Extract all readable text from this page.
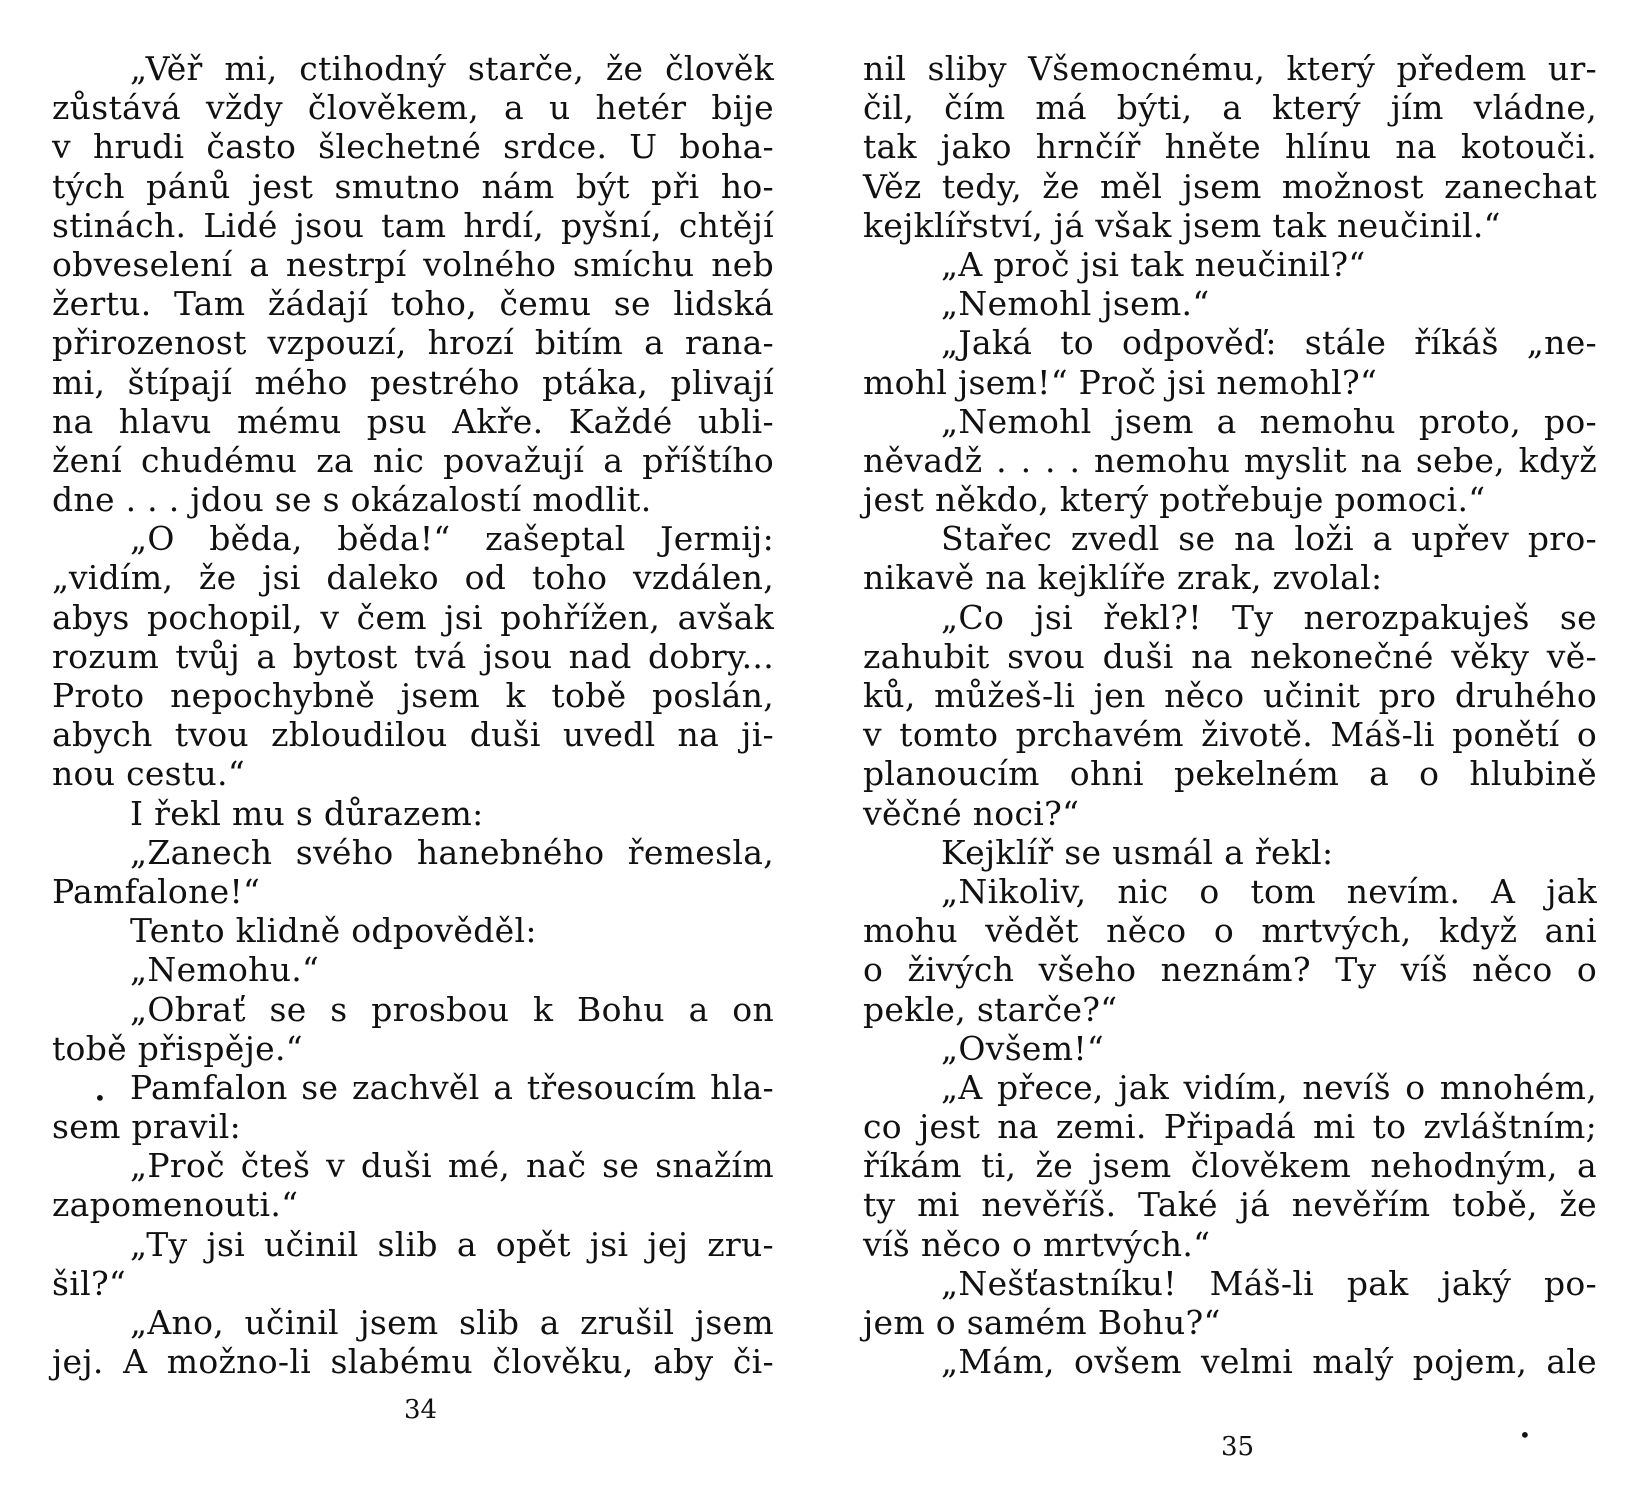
„Věř mi, ctihodný starče, že člověk
zůstává vždy člověkem, a u hetér bije
v hrudi často šlechetné srdce. U boha-
tých pánů jest smutno nám být při ho-
stinách. Lidé jsou tam hrdí, pyšní, chtějí
obveselení a nestrpí volného smíchu neb
žertu. Tam žádají toho, čemu se lidská
přirozenost vzpouzí, hrozí bitím a rana-
mi, štípají mého pestrého ptáka, plivají
na hlavu mému psu Akře. Každé ubli-
žení chudému za nic považují a příštího
dne . . . jdou se s okázalostí modlit.
„O běda, běda!“ zašeptal Jermij:
„vidím, že jsi daleko od toho vzdálen,
abys pochopil, v čem jsi pohřížen, avšak
rozum tvůj a bytost tvá jsou nad dobry...
Proto nepochybně jsem k tobě poslán,
abych tvou zbloudilou duši uvedl na ji-
nou cestu.“
I řekl mu s důrazem:
„Zanech svého hanebného řemesla,
Pamfalone!“
Tento klidně odpověděl:
„Nemohu.“
„Obrať se s prosbou k Bohu a on
tobě přispěje.“
Pamfalon se zachvěl a třesoucím hla-
sem pravil:
„Proč čteš v duši mé, nač se snažím
zapomenouti.“
„Ty jsi učinil slib a opět jsi jej zru-
šil?“
„Ano, učinil jsem slib a zrušil jsem
jej. A možno-li slabému člověku, aby či-
34
•
nil sliby Všemocnému, který předem ur-
čil, čím má býti, a který jím vládne,
tak jako hrnčíř hněte hlínu na kotouči.
Věz tedy, že měl jsem možnost zanechat
kejklířství, já však jsem tak neučinil.“
„A proč jsi tak neučinil?“
„Nemohl jsem.“
„Jaká to odpověď: stále říkáš „ne-
mohl jsem!“ Proč jsi nemohl?“
„Nemohl jsem a nemohu proto, po-
něvadž . . . . nemohu myslit na sebe, když
jest někdo, který potřebuje pomoci.“
Stařec zvedl se na loži a upřev pro-
nikavě na kejklíře zrak, zvolal:
„Co jsi řekl?! Ty nerozpakuješ se
zahubit svou duši na nekonečné věky vě-
ků, můžeš-li jen něco učinit pro druhého
v tomto prchavém životě. Máš-li ponětí o
planoucím ohni pekelném a o hlubině
věčné noci?“
Kejklíř se usmál a řekl:
„Nikoliv, nic o tom nevím. A jak
mohu vědět něco o mrtvých, když ani
o živých všeho neznám? Ty víš něco o
pekle, starče?“
„Ovšem!“
„A přece, jak vidím, nevíš o mnohém,
co jest na zemi. Připadá mi to zvláštním;
říkám ti, že jsem člověkem nehodným, a
ty mi nevěříš. Také já nevěřím tobě, že
víš něco o mrtvých.“
„Nešťastníku! Máš-li pak jaký po-
jem o samém Bohu?“
„Mám, ovšem velmi malý pojem, ale
35	•
